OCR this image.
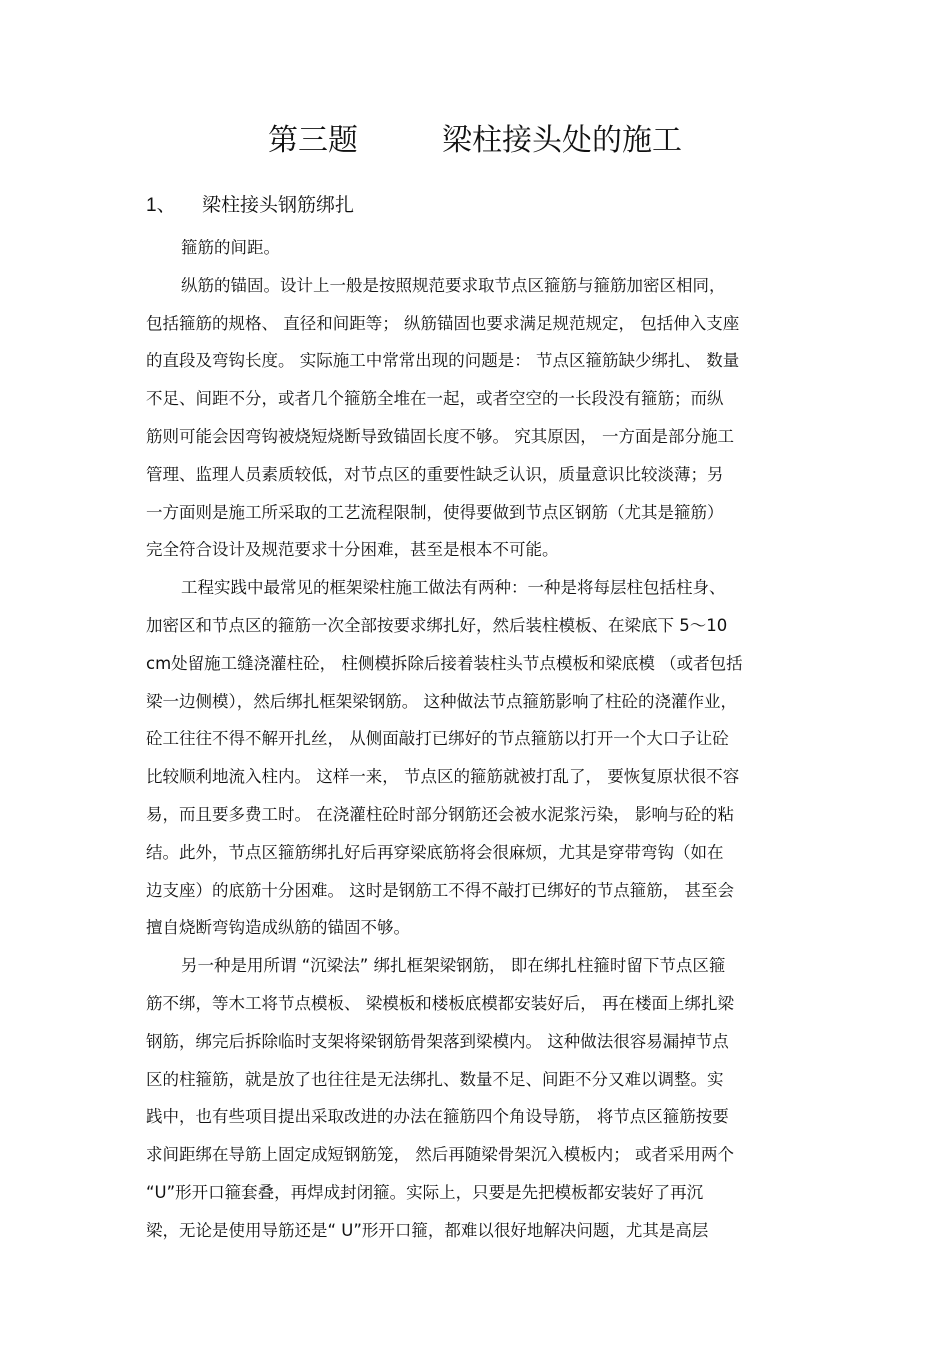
第三题	梁柱接头处的施工
1、 梁柱接头钢筋绑扎
箍筋的间距。
纵筋的锚固。设计上一般是按照规范要求取节点区箍筋与箍筋加密区相同，
包括箍筋的规格、 直径和间距等； 纵筋锚固也要求满足规范规定， 包括伸入支座
的直段及弯钩长度。 实际施工中常常出现的问题是： 节点区箍筋缺少绑扎、 数量
不足、间距不分，或者几个箍筋全堆在一起，或者空空的一长段没有箍筋；而纵
筋则可能会因弯钩被烧短烧断导致锚固长度不够。 究其原因， 一方面是部分施工
管理、监理人员素质较低，对节点区的重要性缺乏认识，质量意识比较淡薄；另
一方面则是施工所采取的工艺流程限制，使得要做到节点区钢筋（尤其是箍筋）
完全符合设计及规范要求十分困难，甚至是根本不可能。
工程实践中最常见的框架梁柱施工做法有两种：一种是将每层柱包括柱身、
加密区和节点区的箍筋一次全部按要求绑扎好，然后装柱模板、在梁底下 5～10
cm处留施工缝浇灌柱砼， 柱侧模拆除后接着装柱头节点模板和梁底模 （或者包括
梁一边侧模），然后绑扎框架梁钢筋。 这种做法节点箍筋影响了柱砼的浇灌作业，
砼工往往不得不解开扎丝， 从侧面敲打已绑好的节点箍筋以打开一个大口子让砼
比较顺利地流入柱内。 这样一来， 节点区的箍筋就被打乱了， 要恢复原状很不容
易，而且要多费工时。 在浇灌柱砼时部分钢筋还会被水泥浆污染， 影响与砼的粘
结。此外，节点区箍筋绑扎好后再穿梁底筋将会很麻烦，尤其是穿带弯钩（如在
边支座）的底筋十分困难。 这时是钢筋工不得不敲打已绑好的节点箍筋， 甚至会
擅自烧断弯钩造成纵筋的锚固不够。
另一种是用所谓 “沉梁法” 绑扎框架梁钢筋， 即在绑扎柱箍时留下节点区箍
筋不绑，等木工将节点模板、 梁模板和楼板底模都安装好后， 再在楼面上绑扎梁
钢筋，绑完后拆除临时支架将梁钢筋骨架落到梁模内。 这种做法很容易漏掉节点
区的柱箍筋，就是放了也往往是无法绑扎、数量不足、间距不分又难以调整。实
践中，也有些项目提出采取改进的办法在箍筋四个角设导筋， 将节点区箍筋按要
求间距绑在导筋上固定成短钢筋笼， 然后再随梁骨架沉入模板内； 或者采用两个
“U”形开口箍套叠，再焊成封闭箍。实际上，只要是先把模板都安装好了再沉
梁，无论是使用导筋还是“ U”形开口箍，都难以很好地解决问题，尤其是高层
